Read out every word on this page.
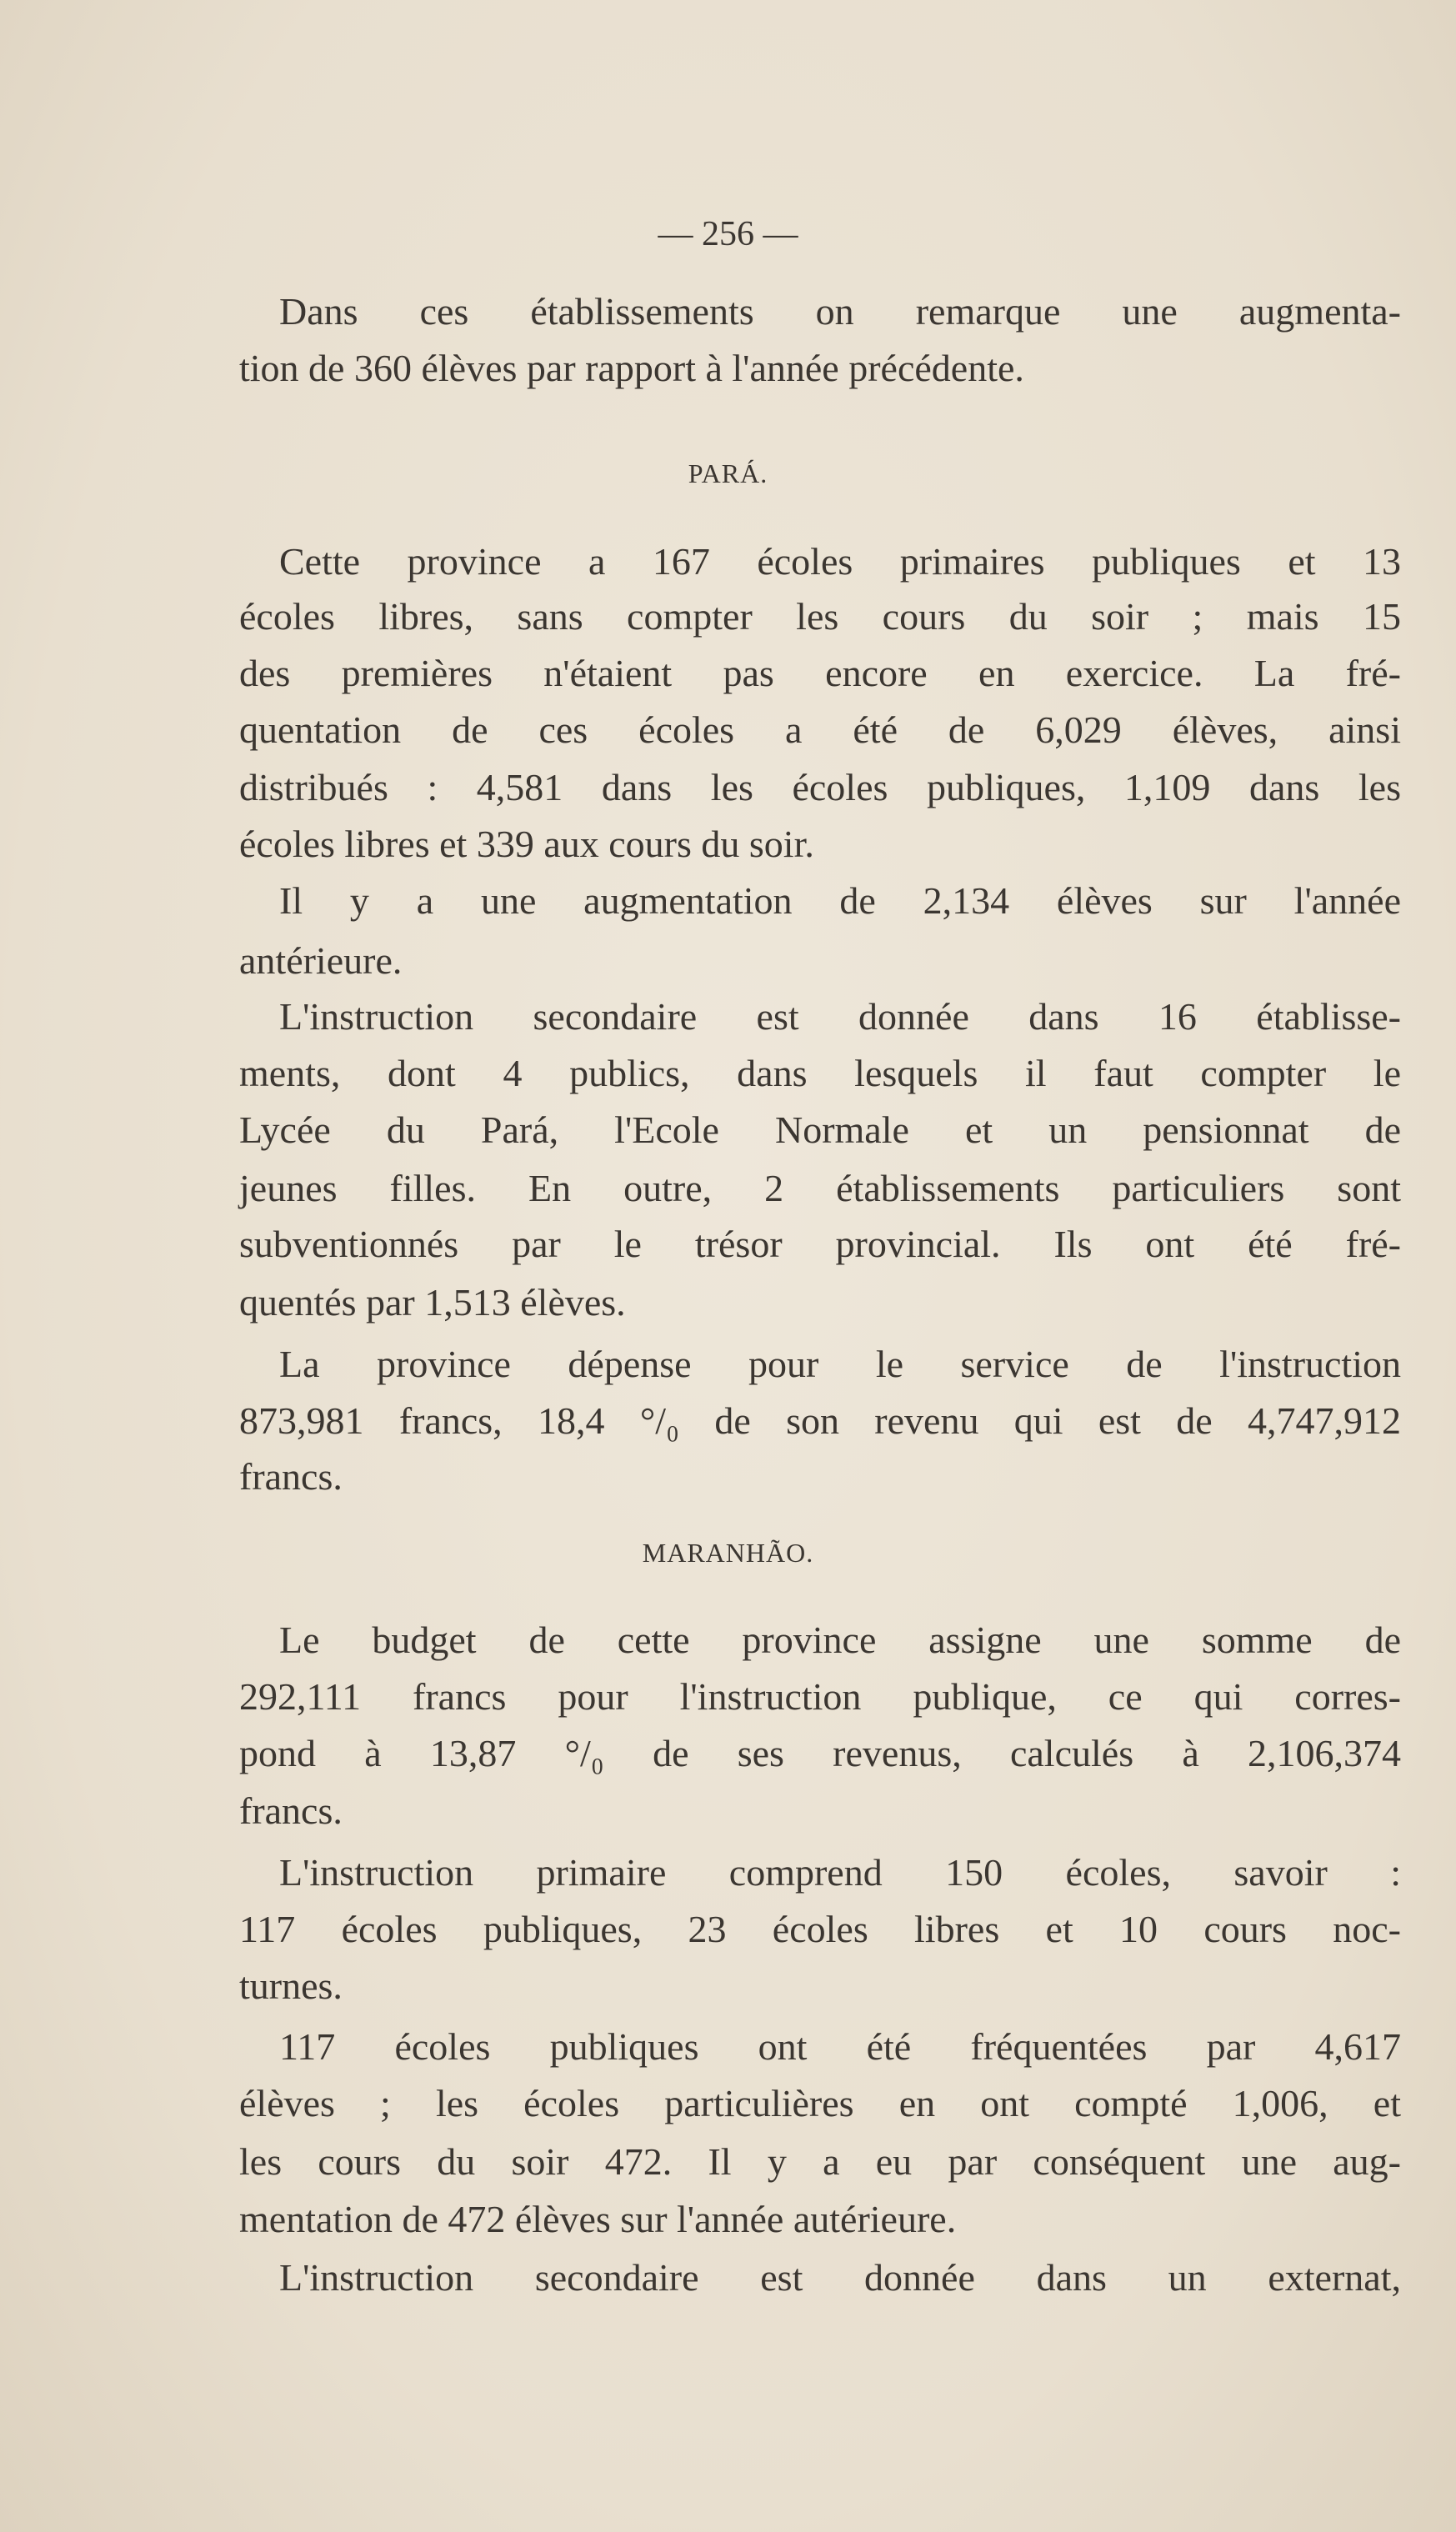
— 256 —
Dans ces établissements on remarque une augmenta-
tion de 360 élèves par rapport à l'année précédente.
PARÁ.
Cette province a 167 écoles primaires publiques et 13
écoles libres, sans compter les cours du soir ; mais 15
des premières n'étaient pas encore en exercice. La fré-
quentation de ces écoles a été de 6,029 élèves, ainsi
distribués : 4,581 dans les écoles publiques, 1,109 dans les
écoles libres et 339 aux cours du soir.
Il y a une augmentation de 2,134 élèves sur l'année
antérieure.
L'instruction secondaire est donnée dans 16 établisse-
ments, dont 4 publics, dans lesquels il faut compter le
Lycée du Pará, l'Ecole Normale et un pensionnat de
jeunes filles. En outre, 2 établissements particuliers sont
subventionnés par le trésor provincial. Ils ont été fré-
quentés par 1,513 élèves.
La province dépense pour le service de l'instruction
873,981 francs, 18,4 °/₀ de son revenu qui est de 4,747,912
francs.
MARANHÃO.
Le budget de cette province assigne une somme de
292,111 francs pour l'instruction publique, ce qui corres-
pond à 13,87 °/₀ de ses revenus, calculés à 2,106,374
francs.
L'instruction primaire comprend 150 écoles, savoir :
117 écoles publiques, 23 écoles libres et 10 cours noc-
turnes.
117 écoles publiques ont été fréquentées par 4,617
élèves ; les écoles particulières en ont compté 1,006, et
les cours du soir 472. Il y a eu par conséquent une aug-
mentation de 472 élèves sur l'année autérieure.
L'instruction secondaire est donnée dans un externat,
